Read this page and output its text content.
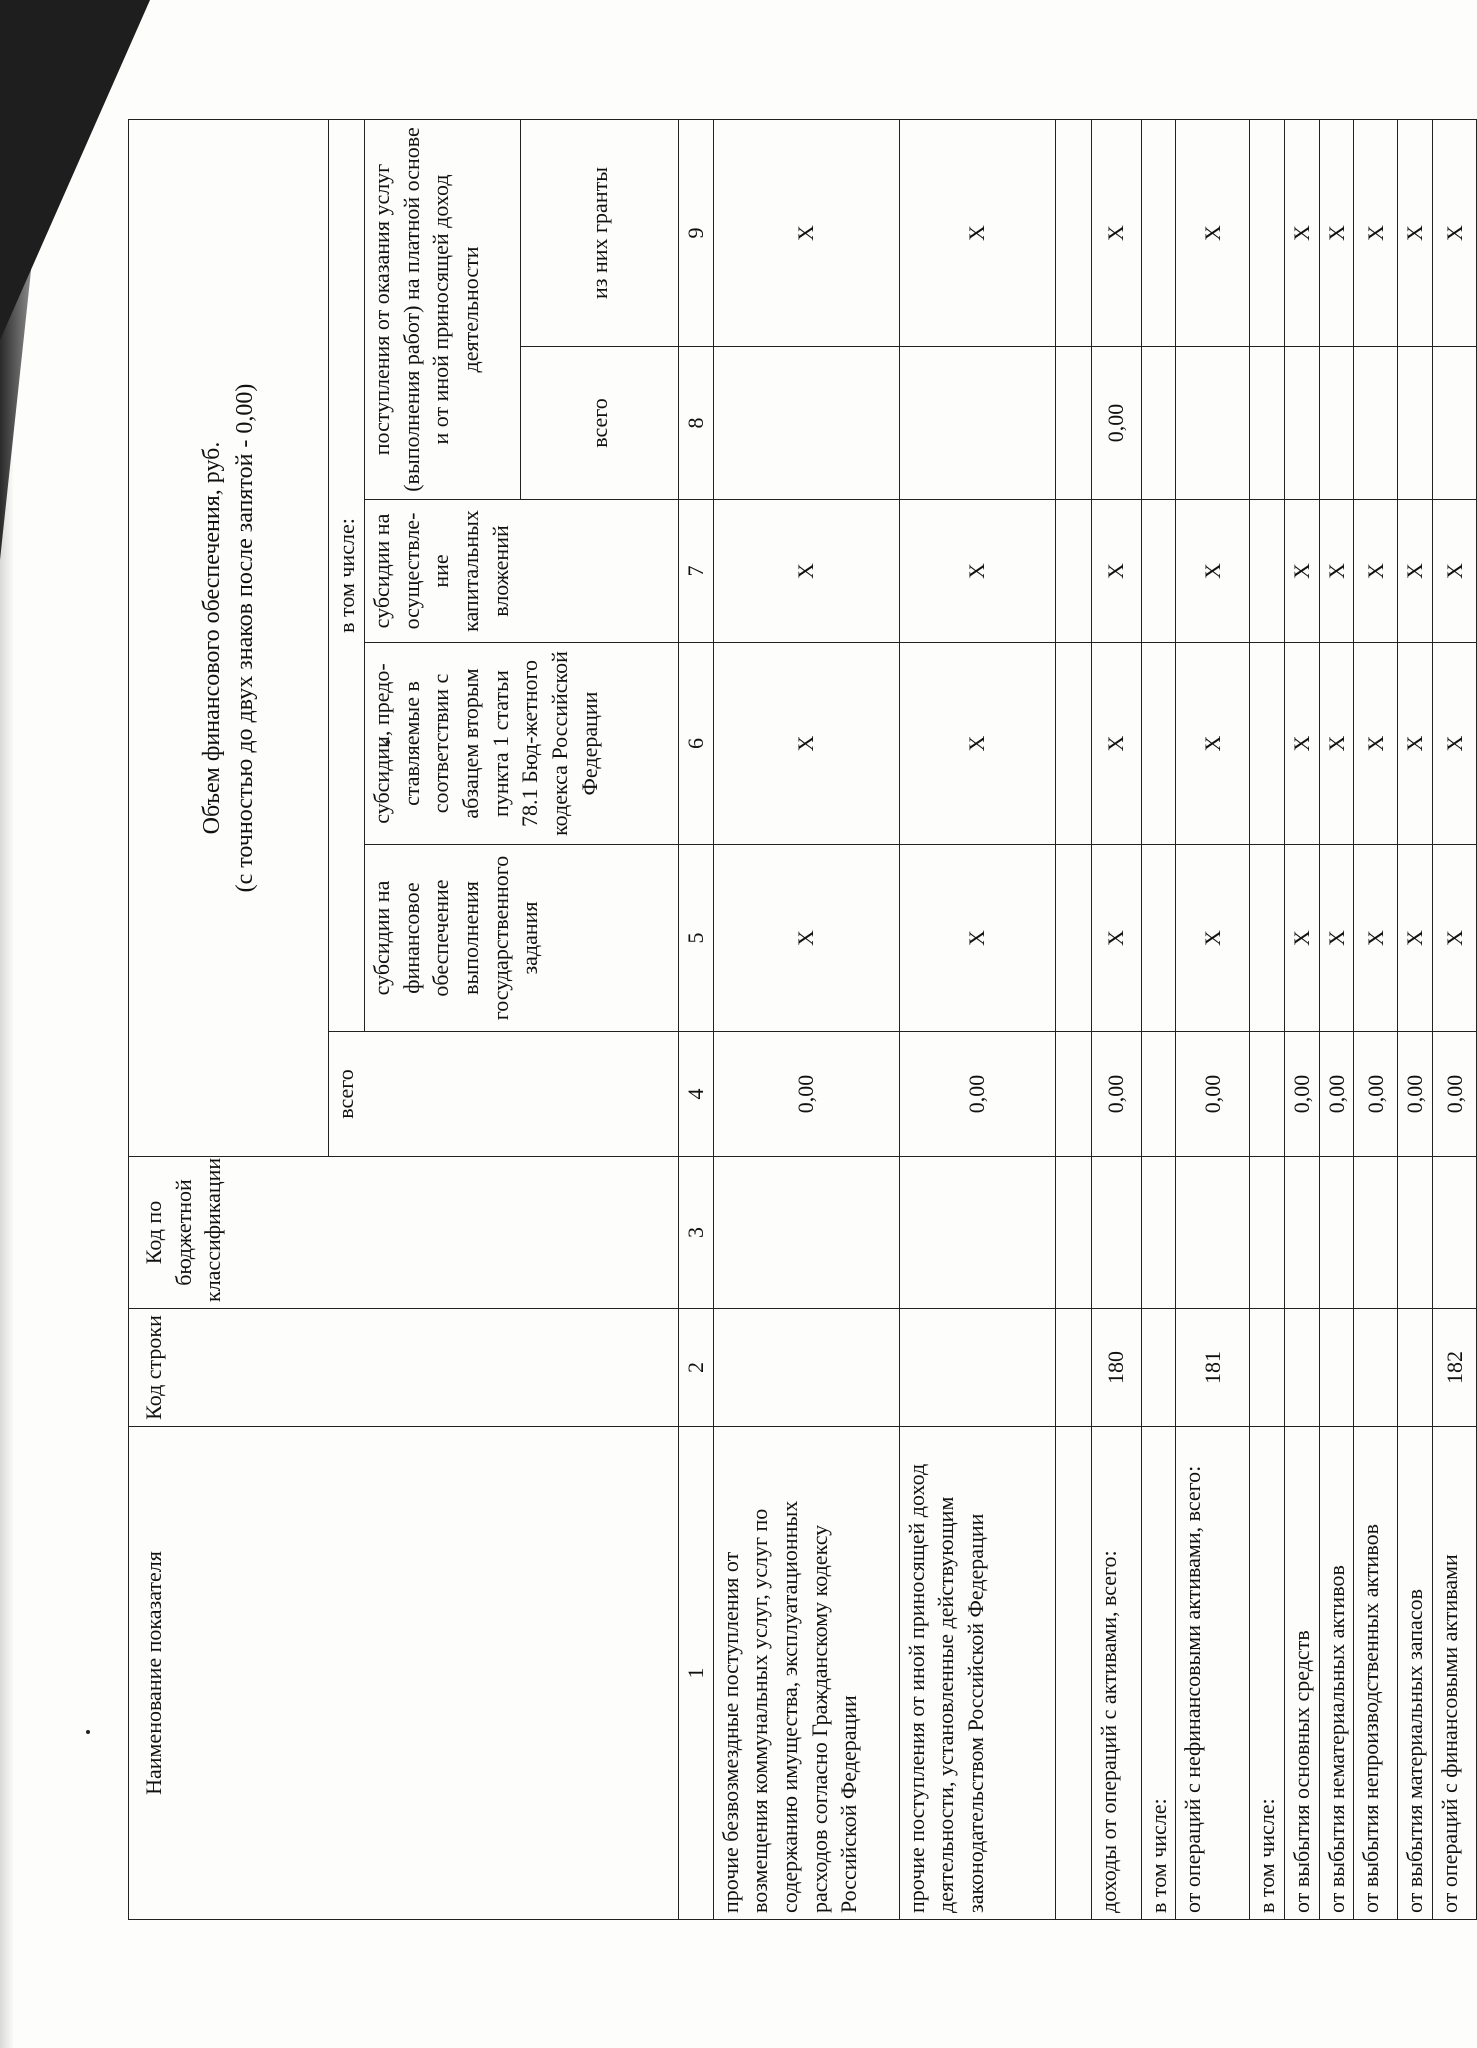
Наименование показателя	Код строки	Код по бюджетной классификации	Объем финансового обеспечения, руб. (с точностью до двух знаков после запятой - 0,00)					

			всего	в том числе:				
				субсидии на финансовое обеспечение выполнения государственного задания	субсидии, предо-ставляемые в соответствии с абзацем вторым пункта 1 статьи 78.1 Бюд-жетного кодекса Российской Федерации	субсидии на осуществле-ние капитальных вложений	поступления от оказания услуг (выполнения работ) на платной основе и от иной приносящей доход деятельности	
							всего	из них гранты
1	2	3	4	5	6	7	8	9
прочие безвозмездные поступления от возмещения коммунальных услуг, услуг по содержанию имущества, эксплуатационных расходов согласно Гражданскому кодексу Российской Федерации			0,00	X	X	X		X
прочие поступления от иной приносящей доход деятельности, установленные действующим законодательством Российской Федерации			0,00	X	X	X		X

доходы от операций с активами, всего:	180		0,00	X	X	X	0,00	X
в том числе:								
от операций с нефинансовыми активами, всего:	181		0,00	X	X	X		X
в том числе:								
от выбытия основных средств			0,00	X	X	X		X
от выбытия нематериальных активов			0,00	X	X	X		X
от выбытия непроизводственных активов			0,00	X	X	X		X
от выбытия материальных запасов			0,00	X	X	X		X
от операций с финансовыми активами	182		0,00	X	X	X		X
